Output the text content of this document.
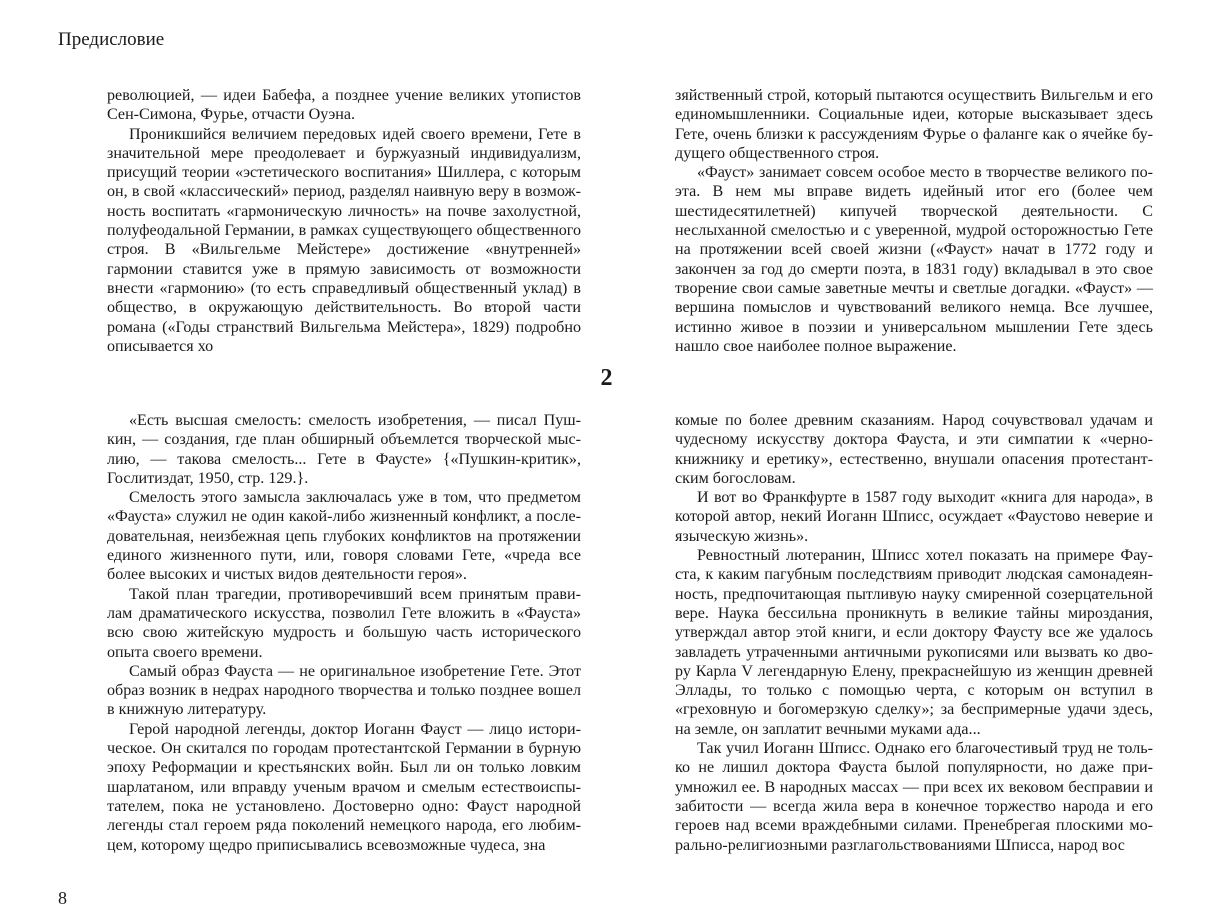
Предисловие

революцией, — идеи Бабефа, а позднее учение великих утопистов Сен-Симона, Фурье, отчасти Оуэна.

Проникшийся величием передовых идей своего времени, Гете в значительной мере преодолевает и буржуазный индивидуализм, присущий теории «эстетического воспитания» Шиллера, с которым он, в свой «классический» период, разделял наивную веру в возможность воспитать «гармоническую личность» на почве захолустной, полуфеодальной Германии, в рамках существующего общественного строя. В «Вильгельме Мейстере» достижение «внутренней» гармонии ставится уже в прямую зависимость от возможности внести «гармонию» (то есть справедливый общественный уклад) в общество, в окружающую действительность. Во второй части романа («Годы странствий Вильгельма Мейстера», 1829) подробно описывается хо

зяйственный строй, который пытаются осуществить Вильгельм и его единомышленники. Социальные идеи, которые высказывает здесь Гете, очень близки к рассуждениям Фурье о фаланге как о ячейке будущего общественного строя.

«Фауст» занимает совсем особое место в творчестве великого поэта. В нем мы вправе видеть идейный итог его (более чем шестидесятилетней) кипучей творческой деятельности. С неслыханной смелостью и с уверенной, мудрой осторожностью Гете на протяжении всей своей жизни («Фауст» начат в 1772 году и закончен за год до смерти поэта, в 1831 году) вкладывал в это свое творение свои самые заветные мечты и светлые догадки. «Фауст» — вершина помыслов и чувствований великого немца. Все лучшее, истинно живое в поэзии и универсальном мышлении Гете здесь нашло свое наиболее полное выражение.

2

«Есть высшая смелость: смелость изобретения, — писал Пушкин, — создания, где план обширный объемлется творческой мыслию, — такова смелость... Гете в Фаусте» {«Пушкин-критик», Гослитиздат, 1950, стр. 129.}.

Смелость этого замысла заключалась уже в том, что предметом «Фауста» служил не один какой-либо жизненный конфликт, а последовательная, неизбежная цепь глубоких конфликтов на протяжении единого жизненного пути, или, говоря словами Гете, «чреда все более высоких и чистых видов деятельности героя».

Такой план трагедии, противоречивший всем принятым правилам драматического искусства, позволил Гете вложить в «Фауста» всю свою житейскую мудрость и большую часть исторического опыта своего времени.

Самый образ Фауста — не оригинальное изобретение Гете. Этот образ возник в недрах народного творчества и только позднее вошел в книжную литературу.

Герой народной легенды, доктор Иоганн Фауст — лицо историческое. Он скитался по городам протестантской Германии в бурную эпоху Реформации и крестьянских войн. Был ли он только ловким шарлатаном, или вправду ученым врачом и смелым естествоиспытателем, пока не установлено. Достоверно одно: Фауст народной легенды стал героем ряда поколений немецкого народа, его любимцем, которому щедро приписывались всевозможные чудеса, зна

комые по более древним сказаниям. Народ сочувствовал удачам и чудесному искусству доктора Фауста, и эти симпатии к «чернокнижнику и еретику», естественно, внушали опасения протестантским богословам.

И вот во Франкфурте в 1587 году выходит «книга для народа», в которой автор, некий Иоганн Шписс, осуждает «Фаустово неверие и языческую жизнь».

Ревностный лютеранин, Шписс хотел показать на примере Фауста, к каким пагубным последствиям приводит людская самонадеянность, предпочитающая пытливую науку смиренной созерцательной вере. Наука бессильна проникнуть в великие тайны мироздания, утверждал автор этой книги, и если доктору Фаусту все же удалось завладеть утраченными античными рукописями или вызвать ко двору Карла V легендарную Елену, прекраснейшую из женщин древней Эллады, то только с помощью черта, с которым он вступил в «греховную и богомерзкую сделку»; за беспримерные удачи здесь, на земле, он заплатит вечными муками ада...

Так учил Иоганн Шписс. Однако его благочестивый труд не только не лишил доктора Фауста былой популярности, но даже приумножил ее. В народных массах — при всех их вековом бесправии и забитости — всегда жила вера в конечное торжество народа и его героев над всеми враждебными силами. Пренебрегая плоскими морально-религиозными разглагольствованиями Шписса, народ вос

8
